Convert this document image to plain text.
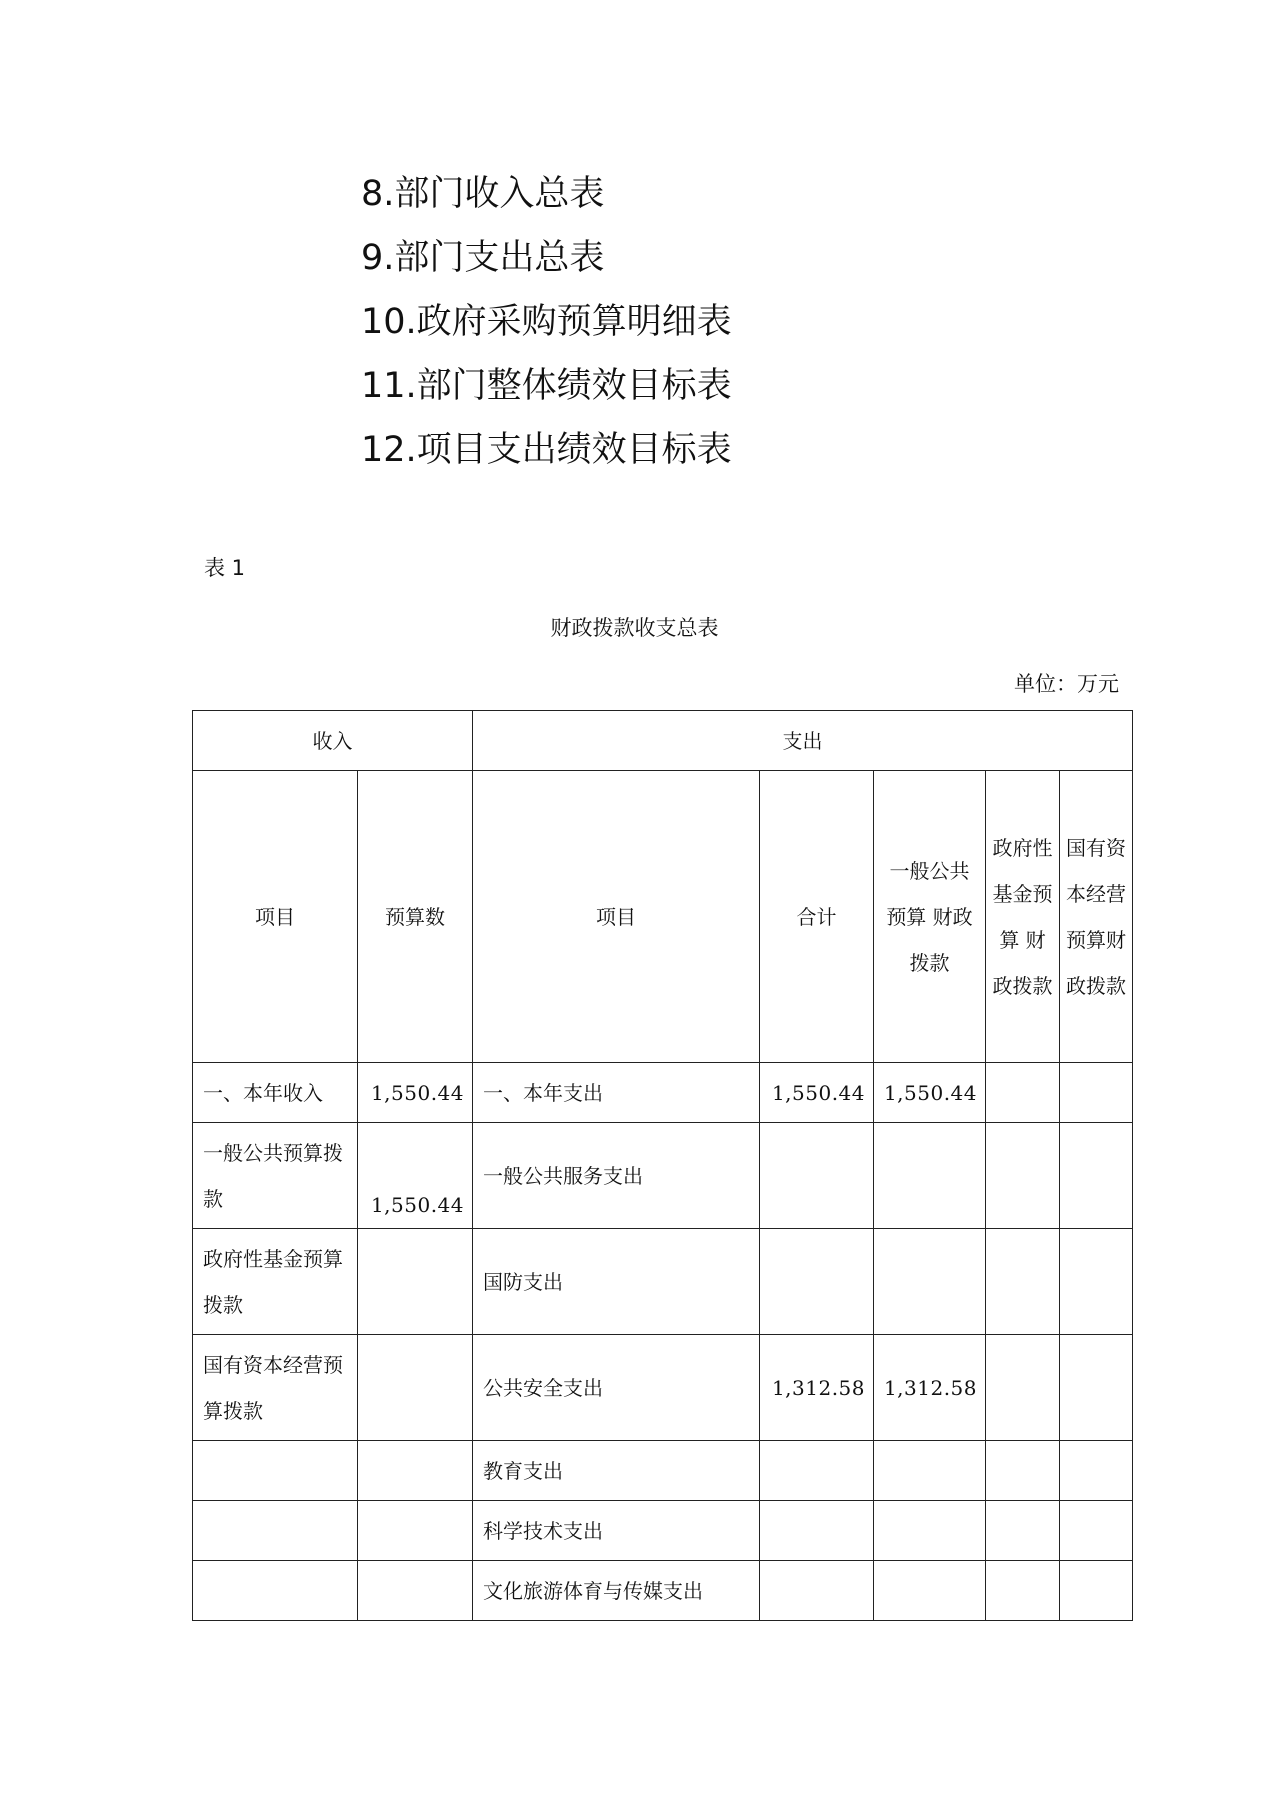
8.部门收入总表
9.部门支出总表
10.政府采购预算明细表
11.部门整体绩效目标表
12.项目支出绩效目标表
表 1
财政拨款收支总表
单位：万元
收入		支出				
项目	预算数	项目	合计	一般公共预算 财政拨款	政府性基金预算 财政拨款	国有资本经营预算财政拨款
一、本年收入	1,550.44	一、本年支出	1,550.44	1,550.44		
一般公共预算拨款	1,550.44	一般公共服务支出				
政府性基金预算拨款		国防支出				
国有资本经营预算拨款		公共安全支出	1,312.58	1,312.58		
		教育支出				
		科学技术支出				
		文化旅游体育与传媒支出				
